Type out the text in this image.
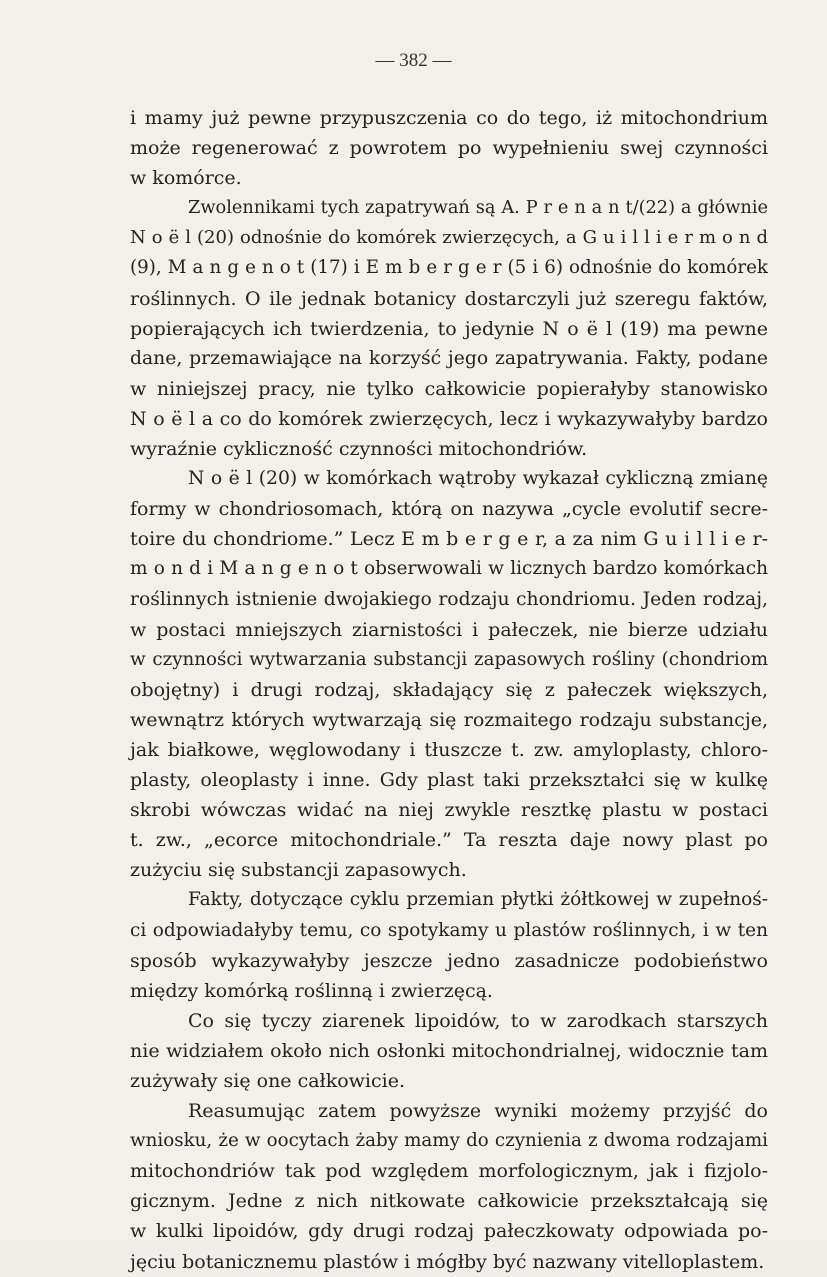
— 382 —
i mamy już pewne przypuszczenia co do tego, iż mitochondrium
może regenerować z powrotem po wypełnieniu swej czynności
w komórce.
Zwolennikami tych zapatrywań są A. P r e n a n t/(22) a głównie
N o ë l (20) odnośnie do komórek zwierzęcych, a G u i l l i e r m o n d
(9), M a n g e n o t (17) i E m b e r g e r (5 i 6) odnośnie do komórek
roślinnych. O ile jednak botanicy dostarczyli już szeregu faktów,
popierających ich twierdzenia, to jedynie N o ë l (19) ma pewne
dane, przemawiające na korzyść jego zapatrywania. Fakty, podane
w niniejszej pracy, nie tylko całkowicie popierałyby stanowisko
N o ë l a co do komórek zwierzęcych, lecz i wykazywałyby bardzo
wyraźnie cykliczność czynności mitochondriów.
N o ë l (20) w komórkach wątroby wykazał cykliczną zmianę
formy w chondriosomach, którą on nazywa „cycle evolutif secre-
toire du chondriome.” Lecz E m b e r g e r, a za nim G u i l l i e r-
m o n d i M a n g e n o t obserwowali w licznych bardzo komórkach
roślinnych istnienie dwojakiego rodzaju chondriomu. Jeden rodzaj,
w postaci mniejszych ziarnistości i pałeczek, nie bierze udziału
w czynności wytwarzania substancji zapasowych rośliny (chondriom
obojętny) i drugi rodzaj, składający się z pałeczek większych,
wewnątrz których wytwarzają się rozmaitego rodzaju substancje,
jak białkowe, węglowodany i tłuszcze t. zw. amyloplasty, chloro-
plasty, oleoplasty i inne. Gdy plast taki przekształci się w kulkę
skrobi wówczas widać na niej zwykle resztkę plastu w postaci
t. zw., „ecorce mitochondriale.” Ta reszta daje nowy plast po
zużyciu się substancji zapasowych.
Fakty, dotyczące cyklu przemian płytki żółtkowej w zupełnoś-
ci odpowiadałyby temu, co spotykamy u plastów roślinnych, i w ten
sposób wykazywałyby jeszcze jedno zasadnicze podobieństwo
między komórką roślinną i zwierzęcą.
Co się tyczy ziarenek lipoidów, to w zarodkach starszych
nie widziałem około nich osłonki mitochondrialnej, widocznie tam
zużywały się one całkowicie.
Reasumując zatem powyższe wyniki możemy przyjść do
wniosku, że w oocytach żaby mamy do czynienia z dwoma rodzajami
mitochondriów tak pod względem morfologicznym, jak i fizjolo-
gicznym. Jedne z nich nitkowate całkowicie przekształcają się
w kulki lipoidów, gdy drugi rodzaj pałeczkowaty odpowiada po-
jęciu botanicznemu plastów i mógłby być nazwany vitelloplastem.
